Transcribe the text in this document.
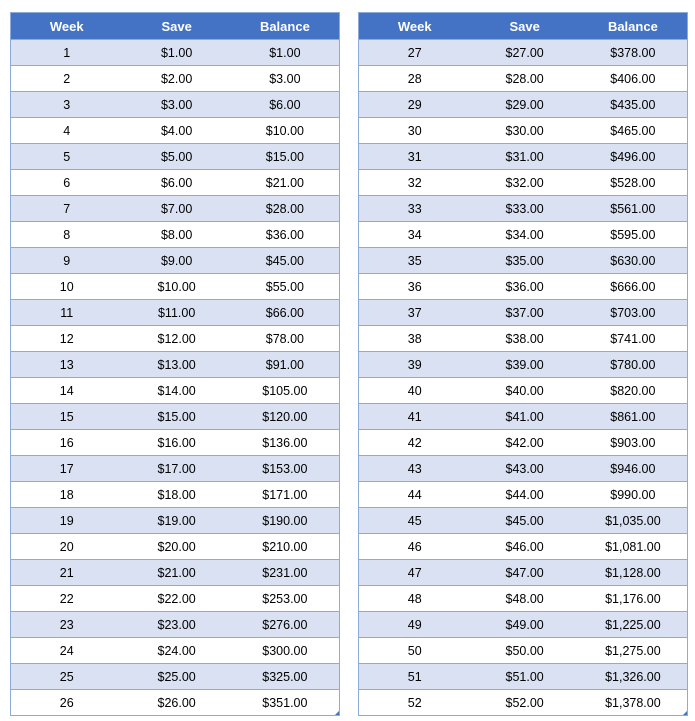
Week	Save	Balance
1	$1.00	$1.00
2	$2.00	$3.00
3	$3.00	$6.00
4	$4.00	$10.00
5	$5.00	$15.00
6	$6.00	$21.00
7	$7.00	$28.00
8	$8.00	$36.00
9	$9.00	$45.00
10	$10.00	$55.00
11	$11.00	$66.00
12	$12.00	$78.00
13	$13.00	$91.00
14	$14.00	$105.00
15	$15.00	$120.00
16	$16.00	$136.00
17	$17.00	$153.00
18	$18.00	$171.00
19	$19.00	$190.00
20	$20.00	$210.00
21	$21.00	$231.00
22	$22.00	$253.00
23	$23.00	$276.00
24	$24.00	$300.00
25	$25.00	$325.00
26	$26.00	$351.00
Week	Save	Balance
27	$27.00	$378.00
28	$28.00	$406.00
29	$29.00	$435.00
30	$30.00	$465.00
31	$31.00	$496.00
32	$32.00	$528.00
33	$33.00	$561.00
34	$34.00	$595.00
35	$35.00	$630.00
36	$36.00	$666.00
37	$37.00	$703.00
38	$38.00	$741.00
39	$39.00	$780.00
40	$40.00	$820.00
41	$41.00	$861.00
42	$42.00	$903.00
43	$43.00	$946.00
44	$44.00	$990.00
45	$45.00	$1,035.00
46	$46.00	$1,081.00
47	$47.00	$1,128.00
48	$48.00	$1,176.00
49	$49.00	$1,225.00
50	$50.00	$1,275.00
51	$51.00	$1,326.00
52	$52.00	$1,378.00
